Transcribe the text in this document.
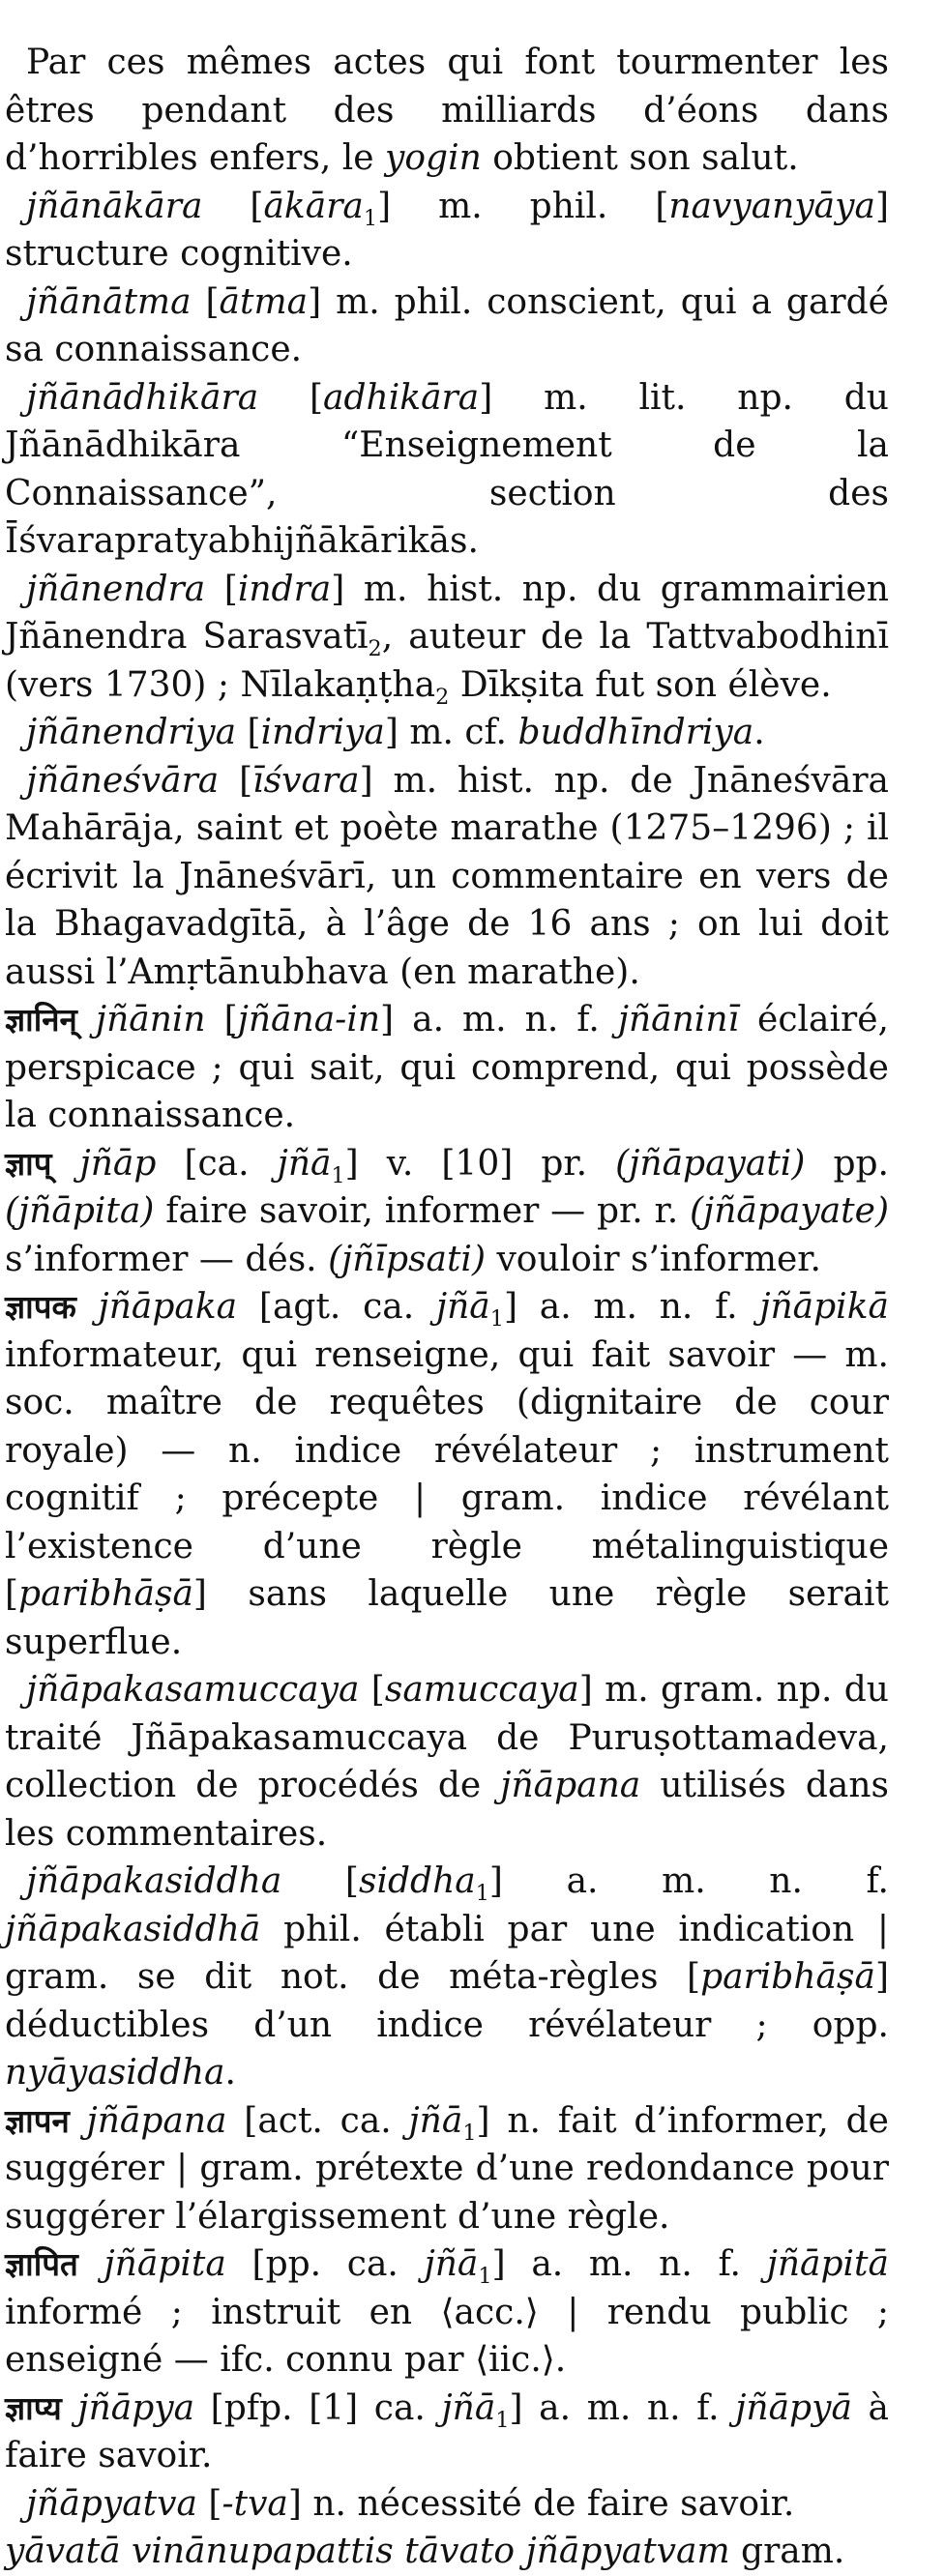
Par ces mêmes actes qui font tourmenter les êtres pendant des milliards d’éons dans d’horribles enfers, le yogin obtient son salut.

jñānākāra [ākāra$_1$] m. phil. [navyanyāya] structure cognitive.

jñānātma [ātma] m. phil. conscient, qui a gardé sa connaissance.

jñānādhikāra [adhikāra] m. lit. np. du Jñānādhikāra “Enseignement de la Connaissance”, section des Īśvarapratyabhijñākārikās.

jñānendra [indra] m. hist. np. du grammairien Jñānendra Sarasvatī$_2$, auteur de la Tattvabodhinī (vers 1730) ; Nīlakaṇṭha$_2$ Dīkṣita fut son élève.

jñānendriya [indriya] m. cf. buddhīndriya.

jñāneśvāra [īśvara] m. hist. np. de Jnāneśvāra Mahārāja, saint et poète marathe (1275–1296) ; il écrivit la Jnāneśvārī, un commentaire en vers de la Bhagavadgītā, à l’âge de 16 ans ; on lui doit aussi l’Amṛtānubhava (en marathe).

ज्ञानिन् jñānin [jñāna-in] a. m. n. f. jñāninī éclairé, perspicace ; qui sait, qui comprend, qui possède la connaissance.

ज्ञाप् jñāp [ca. jñā$_1$] v. [10] pr. (jñāpayati) pp. (jñāpita) faire savoir, informer — pr. r. (jñāpayate) s’informer — dés. (jñīpsati) vouloir s’informer.

ज्ञापक jñāpaka [agt. ca. jñā$_1$] a. m. n. f. jñāpikā informateur, qui renseigne, qui fait savoir — m. soc. maître de requêtes (dignitaire de cour royale) — n. indice révélateur ; instrument cognitif ; précepte | gram. indice révélant l’existence d’une règle métalinguistique [paribhāṣā] sans laquelle une règle serait superflue.

jñāpakasamuccaya [samuccaya] m. gram. np. du traité Jñāpakasamuccaya de Puruṣottamadeva, collection de procédés de jñāpana utilisés dans les commentaires.

jñāpakasiddha [siddha$_1$] a. m. n. f. jñāpakasiddhā phil. établi par une indication | gram. se dit not. de méta-règles [paribhāṣā] déductibles d’un indice révélateur ; opp. nyāyasiddha.

ज्ञापन jñāpana [act. ca. jñā$_1$] n. fait d’informer, de suggérer | gram. prétexte d’une redondance pour suggérer l’élargissement d’une règle.

ज्ञापित jñāpita [pp. ca. jñā$_1$] a. m. n. f. jñāpitā informé ; instruit en ⟨acc.⟩ | rendu public ; enseigné — ifc. connu par ⟨iic.⟩.

ज्ञाप्य jñāpya [pfp. [1] ca. jñā$_1$] a. m. n. f. jñāpyā à faire savoir.

jñāpyatva [-tva] n. nécessité de faire savoir.

yāvatā vinānupapattis tāvato jñāpyatvam gram.
